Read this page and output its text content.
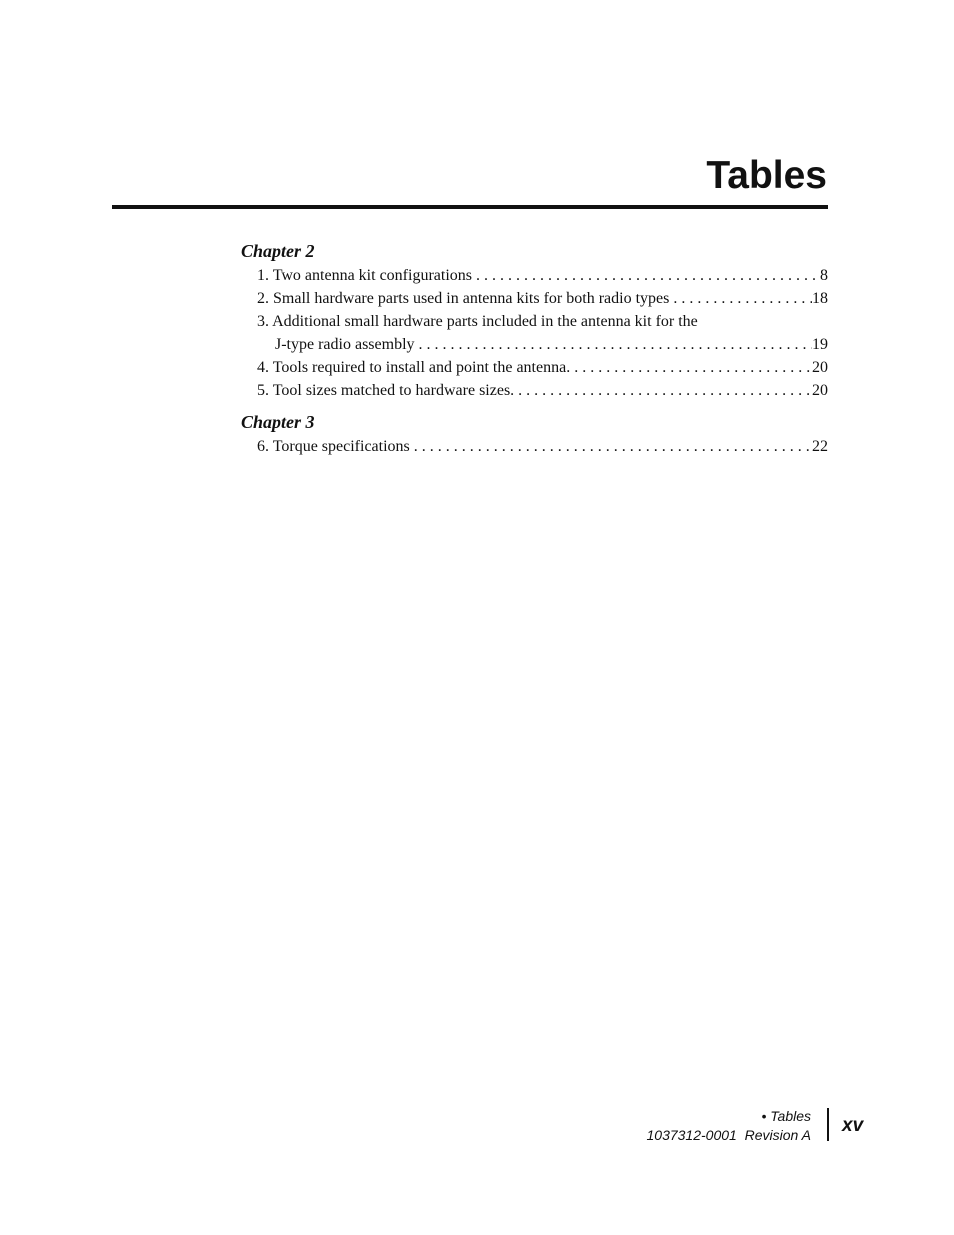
Tables
Chapter 2
1. Two antenna kit configurations . . .	8
2. Small hardware parts used in antenna kits for both radio types . . .	18
3. Additional small hardware parts included in the antenna kit for the
J-type radio assembly . . .	19
4. Tools required to install and point the antenna. . . .	20
5. Tool sizes matched to hardware sizes. . . .	20
Chapter 3
6. Torque specifications . . .	22
• Tables
1037312-0001  Revision A xv
